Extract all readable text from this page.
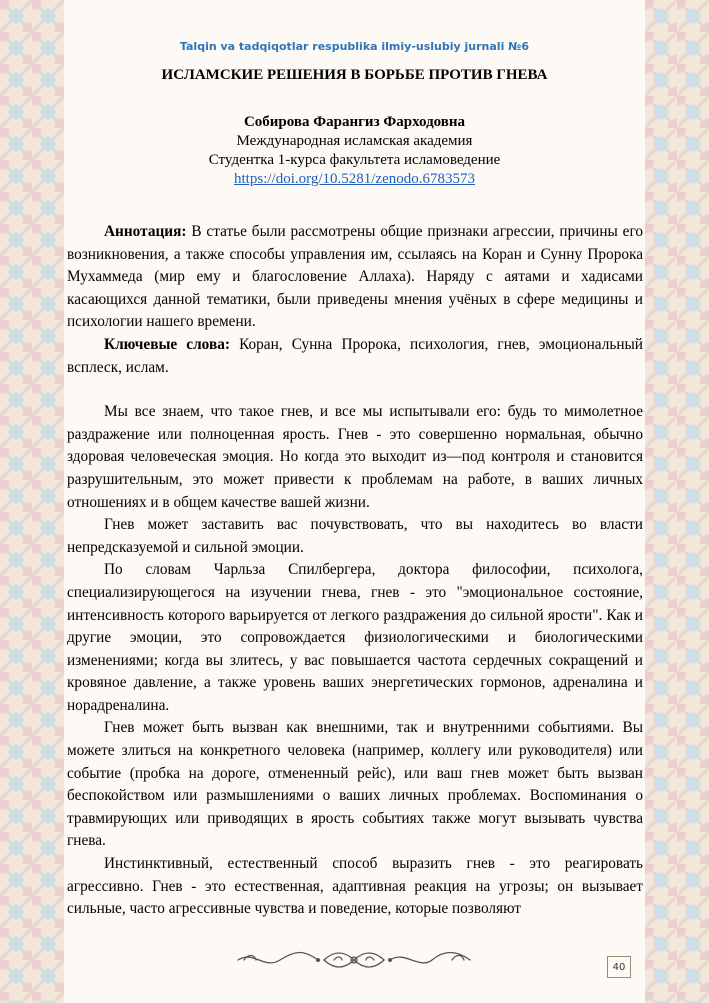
Talqin va tadqiqotlar respublika ilmiy-uslubiy jurnali №6
ИСЛАМСКИЕ РЕШЕНИЯ В БОРЬБЕ ПРОТИВ ГНЕВА
Собирова Фарангиз Фарходовна
Международная исламская академия
Студентка 1-курса факультета исламоведение
https://doi.org/10.5281/zenodo.6783573

Аннотация: В статье были рассмотрены общие признаки агрессии, причины его возникновения, а также способы управления им, ссылаясь на Коран и Сунну Пророка Мухаммеда (мир ему и благословение Аллаха). Наряду с аятами и хадисами касающихся данной тематики, были приведены мнения учёных в сфере медицины и психологии нашего времени.

Ключевые слова: Коран, Сунна Пророка, психология, гнев, эмоциональный всплеск, ислам.

Мы все знаем, что такое гнев, и все мы испытывали его: будь то мимолетное раздражение или полноценная ярость. Гнев - это совершенно нормальная, обычно здоровая человеческая эмоция. Но когда это выходит из—под контроля и становится разрушительным, это может привести к проблемам на работе, в ваших личных отношениях и в общем качестве вашей жизни.

Гнев может заставить вас почувствовать, что вы находитесь во власти непредсказуемой и сильной эмоции.

По словам Чарльза Спилбергера, доктора философии, психолога, специализирующегося на изучении гнева, гнев - это "эмоциональное состояние, интенсивность которого варьируется от легкого раздражения до сильной ярости". Как и другие эмоции, это сопровождается физиологическими и биологическими изменениями; когда вы злитесь, у вас повышается частота сердечных сокращений и кровяное давление, а также уровень ваших энергетических гормонов, адреналина и норадреналина.

Гнев может быть вызван как внешними, так и внутренними событиями. Вы можете злиться на конкретного человека (например, коллегу или руководителя) или событие (пробка на дороге, отмененный рейс), или ваш гнев может быть вызван беспокойством или размышлениями о ваших личных проблемах. Воспоминания о травмирующих или приводящих в ярость событиях также могут вызывать чувства гнева.

Инстинктивный, естественный способ выразить гнев - это реагировать агрессивно. Гнев - это естественная, адаптивная реакция на угрозы; он вызывает сильные, часто агрессивные чувства и поведение, которые позволяют

40
